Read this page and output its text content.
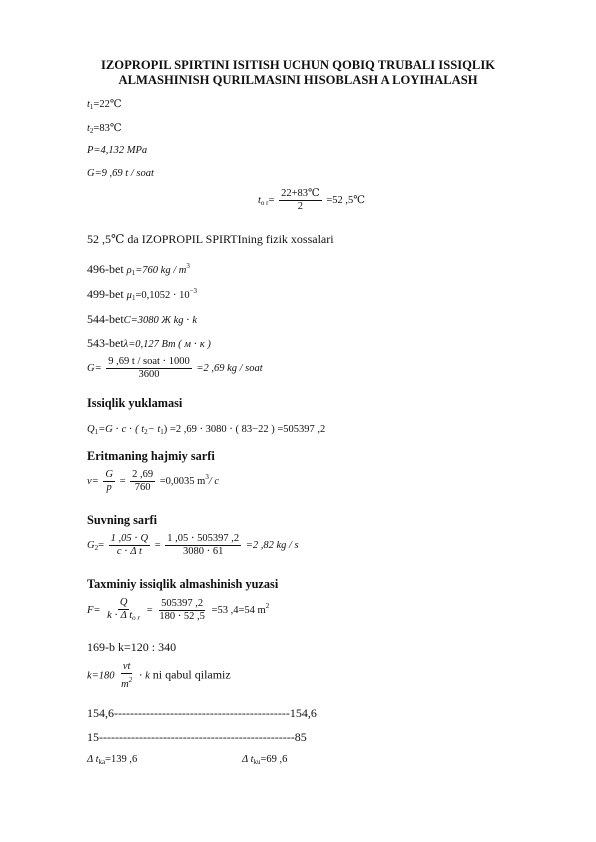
IZOPROPIL SPIRTINI ISITISH UCHUN QOBIQ TRUBALI ISSIQLIK
ALMASHINISH QURILMASINI HISOBLASH A LOYIHALASH
$t_1=22℃$
$t_2=83℃$
P=4,132 MPa
G=9 ,69 t / soat
$t_{o r}= \frac{22+83℃}{2} =52$ ,5℃
52 ,5℃ da IZOPROPIL SPIRTIning fizik xossalari
496-bet $\rho_1=760$ kg / $m^3$
499-bet $\mu_1=0,1052 \cdot 10^{-3}$
544-betC=3080 Ж kg ⋅ k
543-betλ=0,127 Bт ( м ⋅ к )
$G= \frac{\text{9 ,69 t / soat ⋅ 1000}}{3600} =2$ ,69 kg / soat
Issiqlik yuklamasi
$Q_1=G \cdot c$ ⋅ ( $t_2- t_1) =2$ ,69 ⋅ 3080 ⋅ ( 83−22 ) =505397 ,2
Eritmaning hajmiy sarfi
$v= \frac{G}{p} = \frac{2 ,69}{760} =0,0035$ $m^3/$ c
Suvning sarfi
$G_2= \frac{1 ,05 \cdot Q}{\text{c ⋅ Δ t}} = \frac{1 ,05 \cdot 505397 ,2}{3080 \cdot 61} =2$ ,82 kg / s
Taxminiy issiqlik almashinish yuzasi
$F= \frac{Q}{k \cdot \Delta t_{o r}} = \frac{505397 ,2}{180 \cdot 52 ,5} =53$ ,4=54 $m^2$
169-b k=120 : 340
$k=180 \frac{vt}{m^2} \cdot k$ ni qabul qilamiz
154,6--------------------------------------------154,6
15-------------------------------------------------85
Δ $t_{ka}=139$ ,6	Δ $t_{ku}=69$ ,6
